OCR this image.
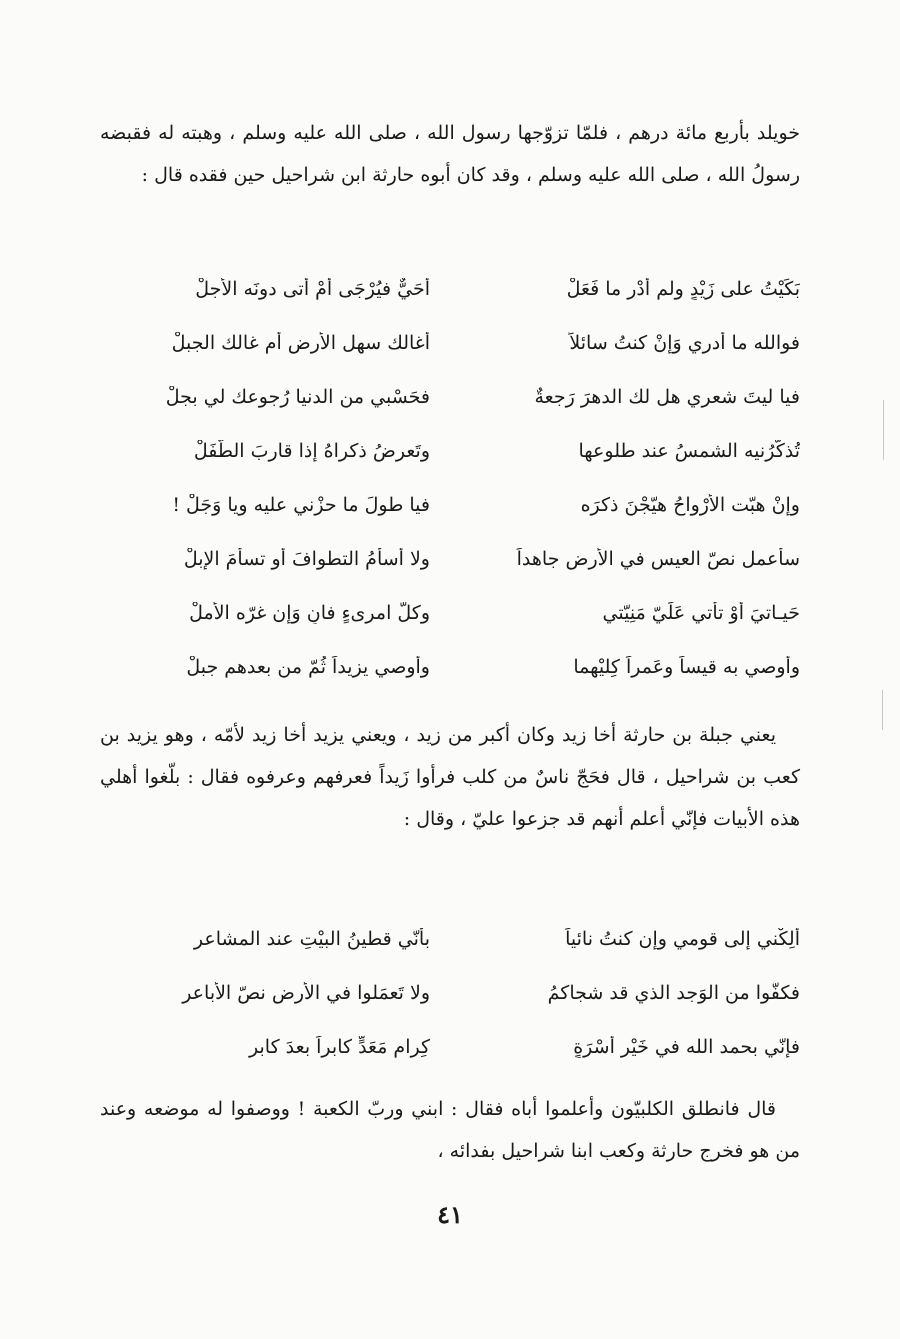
خويلد بأربع مائة درهم ، فلمّا تزوّجها رسول الله ، صلى الله عليه وسلم ، وهبته له فقبضه رسولُ الله ، صلى الله عليه وسلم ، وقد كان أبوه حارثة ابن شراحيل حين فقده قال :

بَكَيْتُ على زَيْدٍ ولم أدْرِ ما فَعَلْ
أحَيٌّ فيُرْجَى أمْ أتى دونَه الأجلْ
فوالله ما أدري وَإنْ كنتُ سائلاً
أغالك سهل الأرض أم غالك الجبلْ
فيا ليتَ شعري هل لك الدهرَ رَجعةٌ
فحَسْبي من الدنيا رُجوعك لي بجلْ
تُذكّرُنيه الشمسُ عند طلوعها
وتَعرضُ ذكراهُ إذا قاربَ الطَّفَلْ
وإنْ هبّت الأرْواحُ هيّجْنَ ذكرَه
فيا طولَ ما حزْني عليه ويا وَجَلْ !
سأعمل نصّ العيس في الأرض جاهداً
ولا أسأمُ التطوافَ أو تسأمَ الإبلْ
حَيـاتيَ أوْ تأتي عَلَيّ مَنِيّتي
وكلّ امرِىءٍ فانٍ وَإن غرّه الأملْ
وأوصي به قيساً وعَمراً كِليْهما
وأوصي يزيداً ثُمّ من بعدهم جبلْ

يعني جبلة بن حارثة أخا زيد وكان أكبر من زيد ، ويعني يزيد أخا زيد لأمّه ، وهو يزيد بن كعب بن شراحيل ، قال فحَجّ ناسٌ من كلب فرأوا زَيداً فعرفهم وعرفوه فقال : بلّغوا أهلي هذه الأبيات فإنّي أعلم أنهم قد جزعوا عليّ ، وقال :

ألِكْني إلى قومي وإن كنتُ نائياً
بأنّي قطينُ البيْتِ عند المشاعر
فكفُّوا من الوَجد الذي قد شجاكمُ
ولا تَعمَلوا في الأرض نصّ الأباعر
فإنّي بحمد الله في خَيْرِ أُسْرَةٍ
كِرام مَعَدٍّ كابراً بعدَ كابرِ

قال فانطلق الكلبيّون وأعلموا أباه فقال : ابني وربّ الكعبة ! ووصفوا له موضعه وعند من هو فخرج حارثة وكعب ابنا شراحيل بفدائه ،

٤١
